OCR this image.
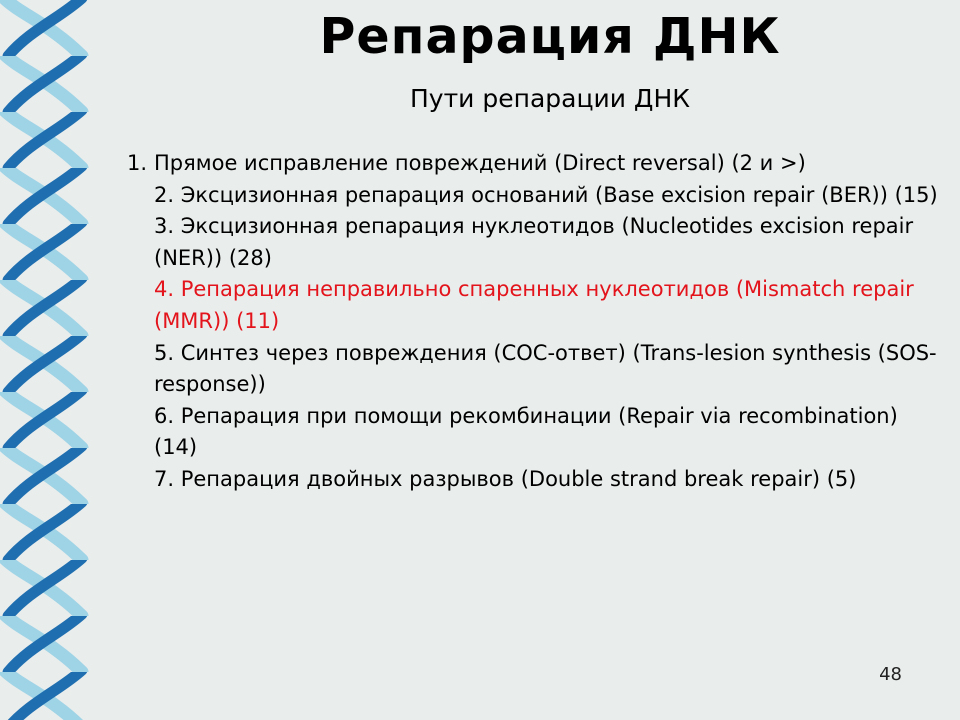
Репарация ДНК
Пути репарации ДНК
1. Прямое исправление повреждений (Direct reversal) (2 и >)
2. Эксцизионная репарация оснований (Base excision repair (BER)) (15)
3. Эксцизионная репарация нуклеотидов (Nucleotides excision repair (NER)) (28)
4. Репарация неправильно спаренных нуклеотидов (Mismatch repair (MMR)) (11)
5. Синтез через повреждения (СОС-ответ) (Trans-lesion synthesis (SOS-response))
6. Репарация при помощи рекомбинации (Repair via recombination) (14)
7. Репарация двойных разрывов (Double strand break repair) (5)
48
